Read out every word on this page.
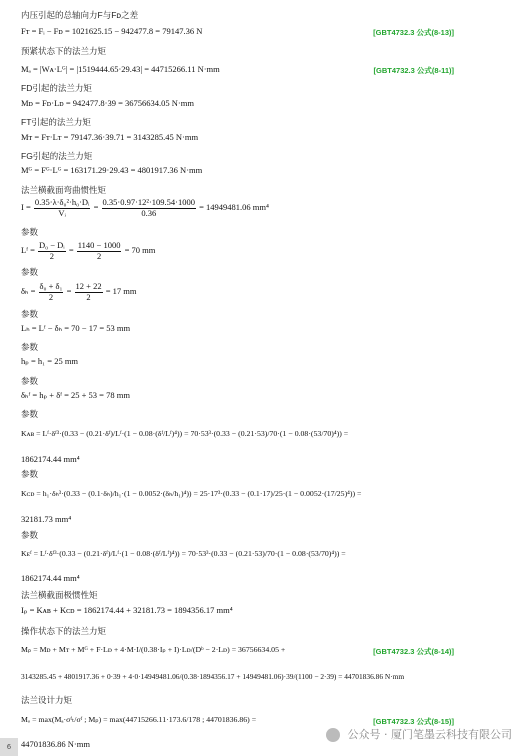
内压引起的总轴向力F与Fᴅ之差
Fᴛ = Fᵢ − Fᴅ = 1021625.15 − 942477.8 = 79147.36 N	[GBT4732.3 公式(8-13)]
预紧状态下的法兰力矩
Mₐ = |Wᴀ·Lᴳ| = |1519444.65·29.43| = 44715266.11 N·mm	[GBT4732.3 公式(8-11)]
FD引起的法兰力矩
Mᴅ = Fᴅ·Lᴅ = 942477.8·39 = 36756634.05 N·mm
FT引起的法兰力矩
Mᴛ = Fᴛ·Lᴛ = 79147.36·39.71 = 3143285.45 N·mm
FG引起的法兰力矩
Mᴳ = Fᴳ·Lᴳ = 163171.29·29.43 = 4801917.36 N·mm
法兰横截面弯曲惯性矩
$I = \frac{\text{0.35·λ·δ₀²·h₀·Dᵢ}}{\text{Vᵢ}} = \frac{\text{0.35·0.97·12²·109.54·1000}}{0.36} = 14949481.06$ mm⁴
参数
Lᶠ = $\frac{\text{D₀ − Dᵢ}}{2} = \frac{1140 - 1000}{2} = 70$ mm
参数
$\delta_h = \frac{\text{δ₀ + δ₁}}{2} = \frac{12 + 22}{2} = 17$ mm
参数
Lₕ = Lᶠ − δₕ = 70 − 17 = 53 mm
参数
hₚ = h₁ = 25 mm
参数
δₕᶠ = hₚ + δᶠ = 25 + 53 = 78 mm
参数
Kᴀʙ = Lᶠ·δᶠ³·(0.33 − (0.21·δᶠ)/Lᶠ·(1 − 0.08·(δᶠ/Lᶠ)⁴)) = 70·53³·(0.33 − (0.21·53)/70·(1 − 0.08·(53/70)⁴)) =
1862174.44 mm⁴
参数
Kᴄᴅ = h₁·δₕ³·(0.33 − (0.1·δₕ)/h₁·(1 − 0.0052·(δₕ/h₁)⁴)) = 25·17³·(0.33 − (0.1·17)/25·(1 − 0.0052·(17/25)⁴)) =
32181.73 mm⁴
参数
Kᴇᶠ = Lᶠ·δᶠ³·(0.33 − (0.21·δᶠ)/Lᶠ·(1 − 0.08·(δᶠ/Lᶠ)⁴)) = 70·53³·(0.33 − (0.21·53)/70·(1 − 0.08·(53/70)⁴)) =
1862174.44 mm⁴
法兰横截面极惯性矩
Iₚ = Kᴀʙ + Kᴄᴅ = 1862174.44 + 32181.73 = 1894356.17 mm⁴
操作状态下的法兰力矩
Mₚ = Mᴅ + Mᴛ + Mᴳ + F·Lᴅ + 4·M·I/(0.38·Iₚ + I)·Lᴅ/(Dᵇ − 2·Lᴅ) = 36756634.05 +	[GBT4732.3 公式(8-14)]
3143285.45 + 4801917.36 + 0·39 + 4·0·14949481.06/(0.38·1894356.17 + 14949481.06)·39/(1100 − 2·39) = 44701836.86 N·mm
法兰设计力矩
Mₒ = max(Mₐ·σᶠₜ/σᶠ ; Mₚ) = max(44715266.11·173.6/178 ; 44701836.86) =	[GBT4732.3 公式(8-15)]
44701836.86 N·mm
公众号 · 厦门笔墨云科技有限公司
6
